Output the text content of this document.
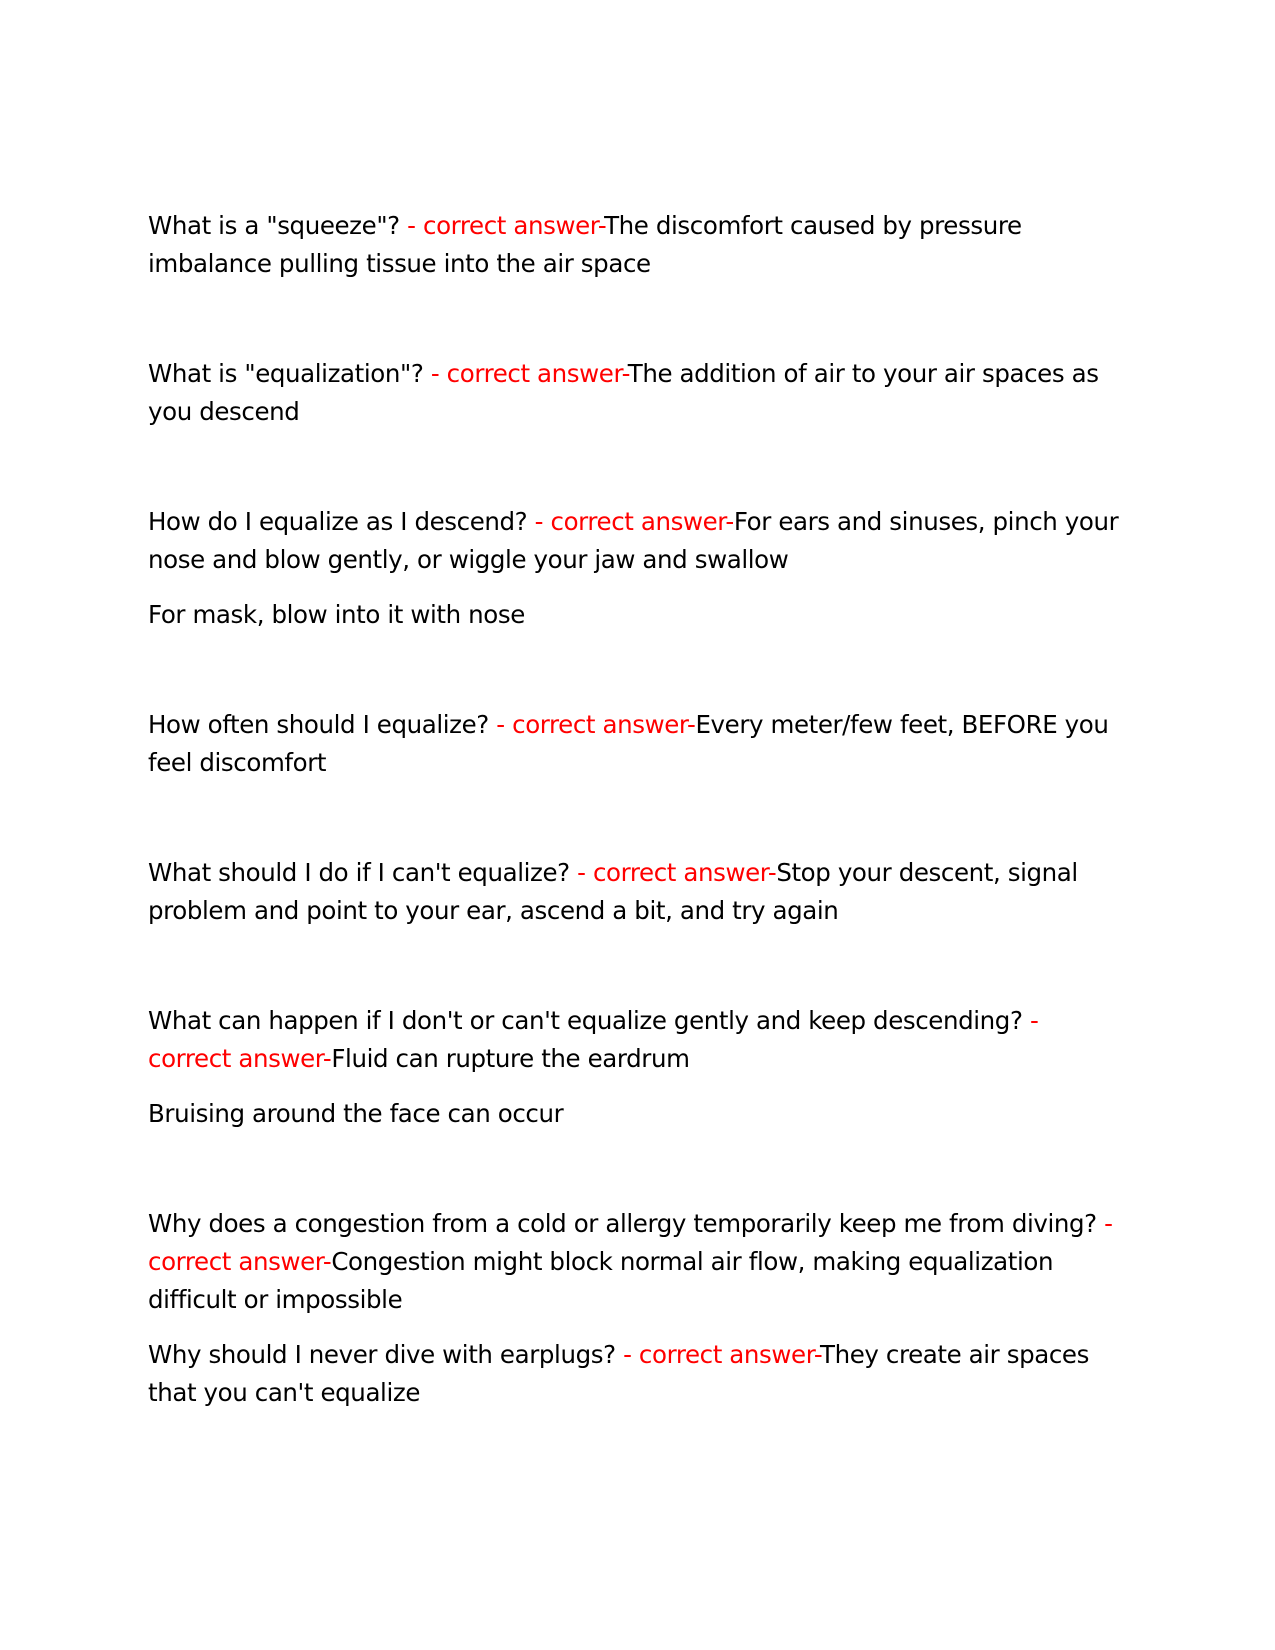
What is a "squeeze"? - correct answer-The discomfort caused by pressure imbalance pulling tissue into the air space

What is "equalization"? - correct answer-The addition of air to your air spaces as you descend

How do I equalize as I descend? - correct answer-For ears and sinuses, pinch your nose and blow gently, or wiggle your jaw and swallow

For mask, blow into it with nose

How often should I equalize? - correct answer-Every meter/few feet, BEFORE you feel discomfort

What should I do if I can't equalize? - correct answer-Stop your descent, signal problem and point to your ear, ascend a bit, and try again

What can happen if I don't or can't equalize gently and keep descending? - correct answer-Fluid can rupture the eardrum

Bruising around the face can occur

Why does a congestion from a cold or allergy temporarily keep me from diving? - correct answer-Congestion might block normal air flow, making equalization difficult or impossible

Why should I never dive with earplugs? - correct answer-They create air spaces that you can't equalize
